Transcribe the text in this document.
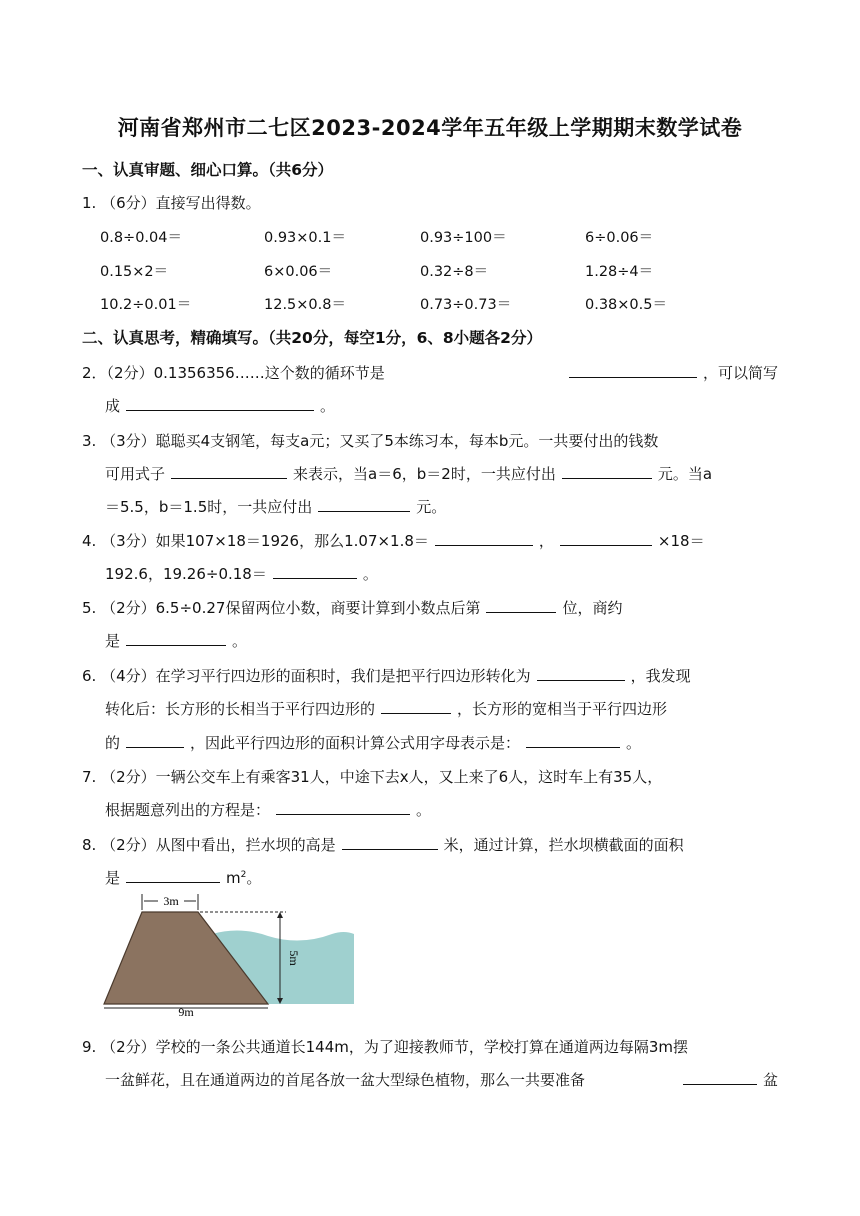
河南省郑州市二七区2023-2024学年五年级上学期期末数学试卷
一、认真审题、细心口算。（共6分）
1. （6分）直接写出得数。
0.8÷0.04＝	0.93×0.1＝	0.93÷100＝	6÷0.06＝
0.15×2＝	6×0.06＝	0.32÷8＝	1.28÷4＝
10.2÷0.01＝	12.5×0.8＝	0.73÷0.73＝	0.38×0.5＝
二、认真思考，精确填写。（共20分，每空1分，6、8小题各2分）
2．（2分）0.1356356……这个数的循环节是	，可以简写
成	。
3. （3分）聪聪买4支钢笔，每支a元；又买了5本练习本，每本b元。一共要付出的钱数
可用式子	来表示，当a＝6，b＝2时，一共应付出	元。当a
＝5.5，b＝1.5时，一共应付出	元。
4. （3分）如果107×18＝1926，那么1.07×1.8＝	，	×18＝
192.6，19.26÷0.18＝	。
5. （2分）6.5÷0.27保留两位小数，商要计算到小数点后第	位，商约
是	。
6. （4分）在学习平行四边形的面积时，我们是把平行四边形转化为	，我发现
转化后：长方形的长相当于平行四边形的	，长方形的宽相当于平行四边形
的	，因此平行四边形的面积计算公式用字母表示是：	。
7. （2分）一辆公交车上有乘客31人，中途下去x人，又上来了6人，这时车上有35人，
根据题意列出的方程是：	。
8. （2分）从图中看出，拦水坝的高是	米，通过计算，拦水坝横截面的面积
是	$m^2$。
3m
5m
9m
9. （2分）学校的一条公共通道长144m，为了迎接教师节，学校打算在通道两边每隔3m摆
一盆鲜花，且在通道两边的首尾各放一盆大型绿色植物，那么一共要准备	盆
